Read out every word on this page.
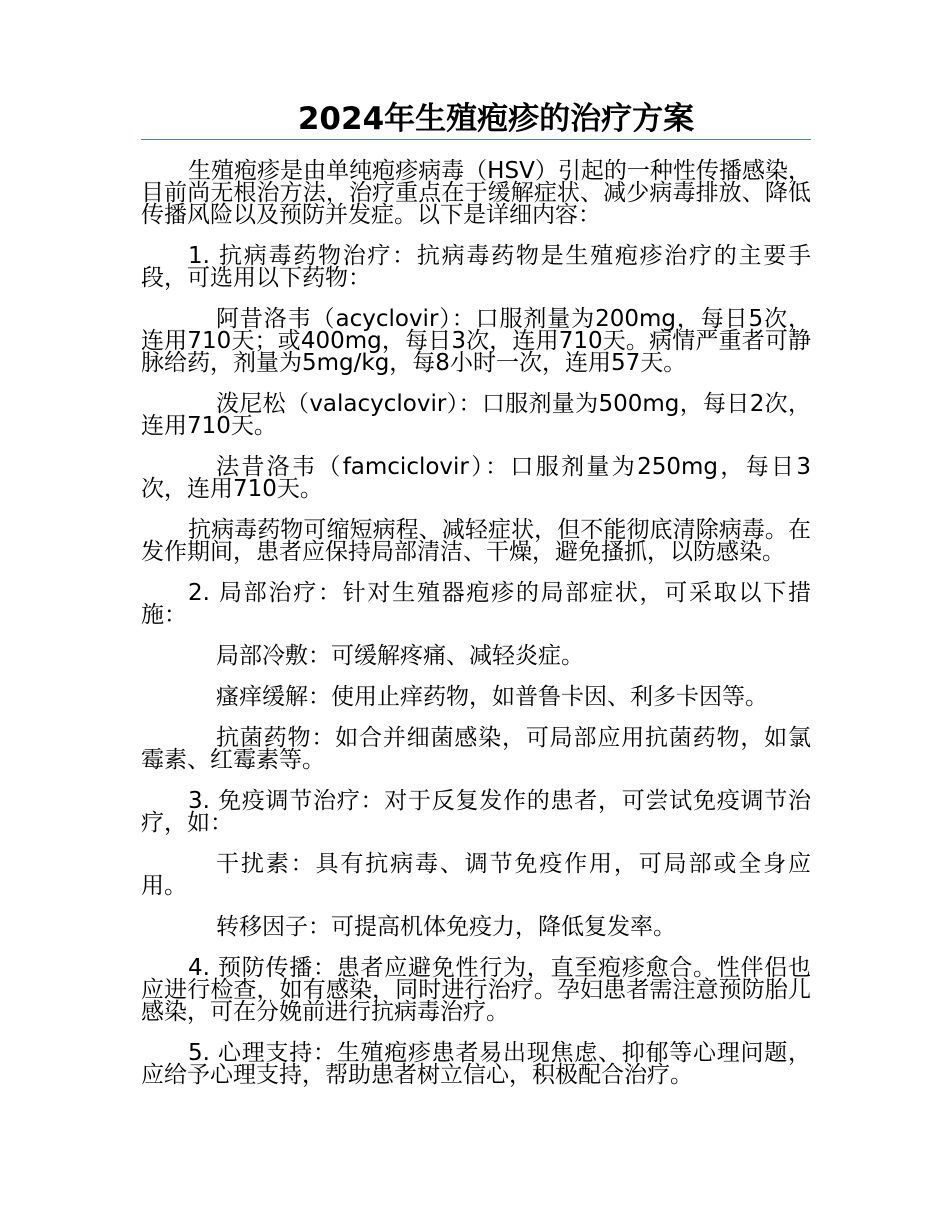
2024年生殖疱疹的治疗方案

生殖疱疹是由单纯疱疹病毒（HSV）引起的一种性传播感染，目前尚无根治方法，治疗重点在于缓解症状、减少病毒排放、降低传播风险以及预防并发症。以下是详细内容：

1. 抗病毒药物治疗：抗病毒药物是生殖疱疹治疗的主要手段，可选用以下药物：

阿昔洛韦（acyclovir）：口服剂量为200mg，每日5次，连用710天；或400mg，每日3次，连用710天。病情严重者可静脉给药，剂量为5mg/kg，每8小时一次，连用57天。

泼尼松（valacyclovir）：口服剂量为500mg，每日2次，连用710天。

法昔洛韦（famciclovir）：口服剂量为250mg，每日3次，连用710天。

抗病毒药物可缩短病程、减轻症状，但不能彻底清除病毒。在发作期间，患者应保持局部清洁、干燥，避免搔抓，以防感染。

2. 局部治疗：针对生殖器疱疹的局部症状，可采取以下措施：

局部冷敷：可缓解疼痛、减轻炎症。

瘙痒缓解：使用止痒药物，如普鲁卡因、利多卡因等。

抗菌药物：如合并细菌感染，可局部应用抗菌药物，如氯霉素、红霉素等。

3. 免疫调节治疗：对于反复发作的患者，可尝试免疫调节治疗，如：

干扰素：具有抗病毒、调节免疫作用，可局部或全身应用。

转移因子：可提高机体免疫力，降低复发率。

4. 预防传播：患者应避免性行为，直至疱疹愈合。性伴侣也应进行检查，如有感染，同时进行治疗。孕妇患者需注意预防胎儿感染，可在分娩前进行抗病毒治疗。

5. 心理支持：生殖疱疹患者易出现焦虑、抑郁等心理问题，应给予心理支持，帮助患者树立信心，积极配合治疗。
